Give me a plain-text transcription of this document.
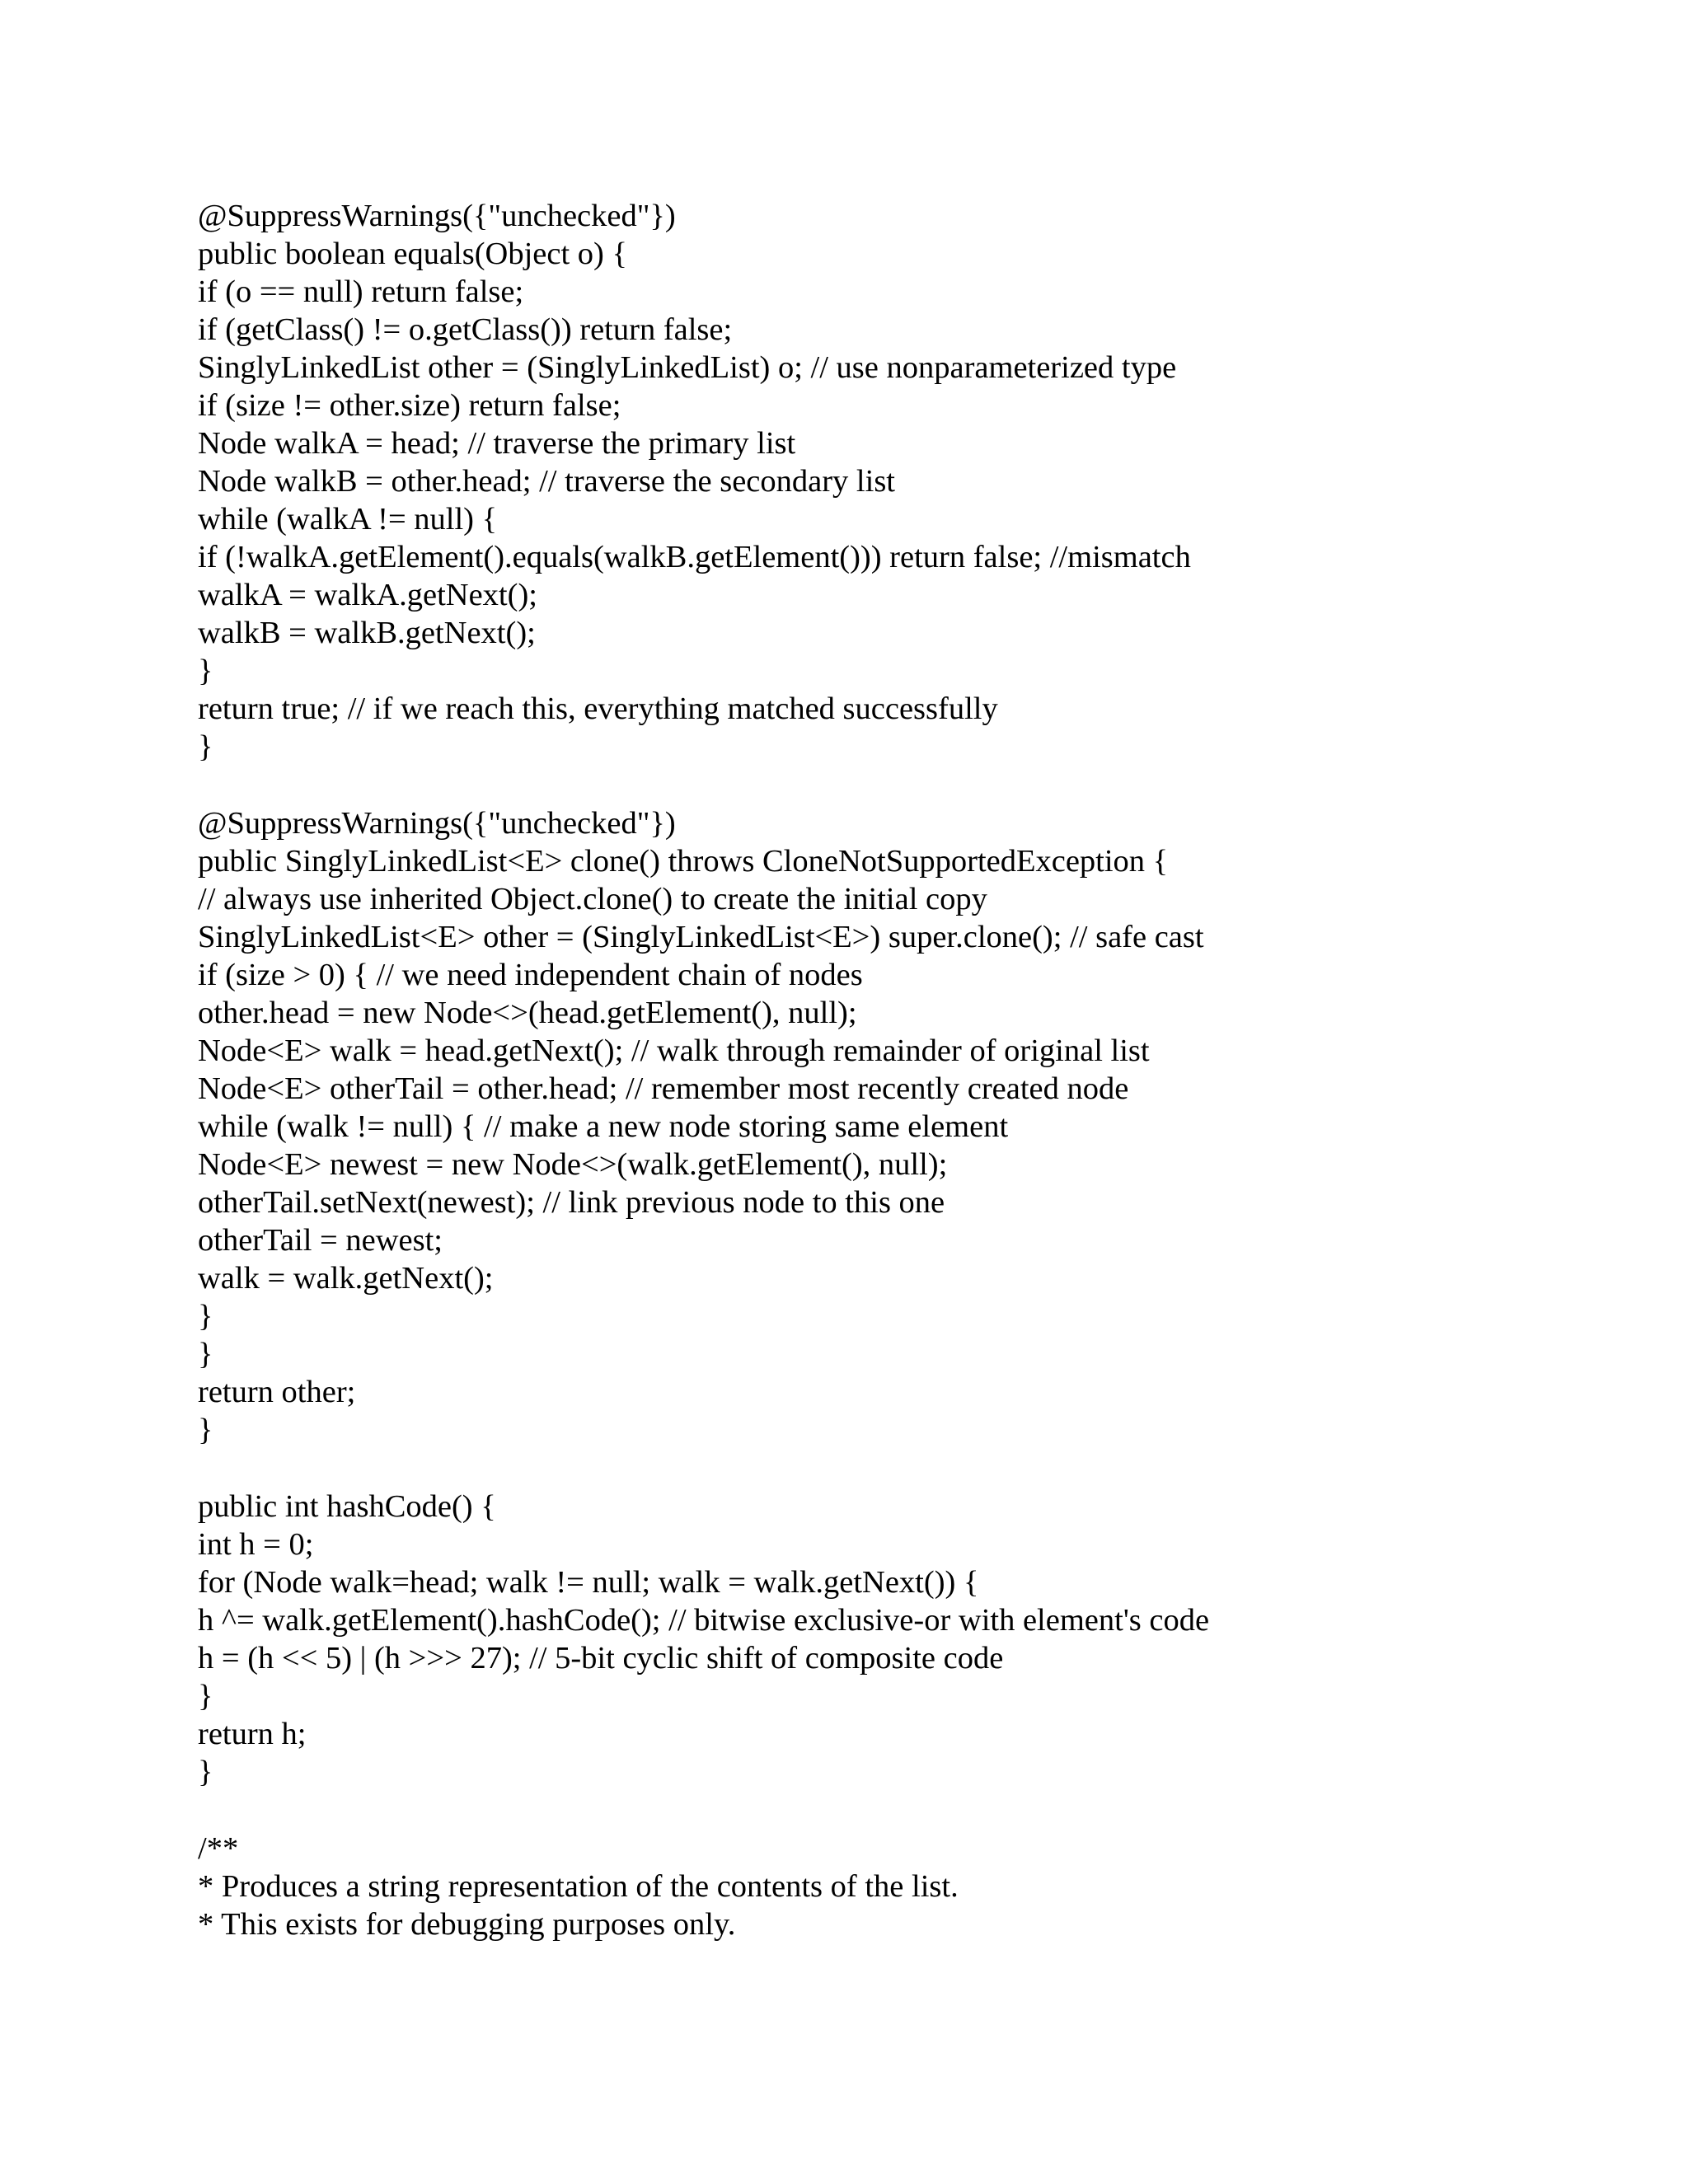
@SuppressWarnings({"unchecked"})

public boolean equals(Object o) {

if (o == null) return false;

if (getClass() != o.getClass()) return false;

SinglyLinkedList other = (SinglyLinkedList) o; // use nonparameterized type

if (size != other.size) return false;

Node walkA = head; // traverse the primary list

Node walkB = other.head; // traverse the secondary list

while (walkA != null) {

if (!walkA.getElement().equals(walkB.getElement())) return false; //mismatch

walkA = walkA.getNext();

walkB = walkB.getNext();

}

return true; // if we reach this, everything matched successfully

}

@SuppressWarnings({"unchecked"})

public SinglyLinkedList<E> clone() throws CloneNotSupportedException {

// always use inherited Object.clone() to create the initial copy

SinglyLinkedList<E> other = (SinglyLinkedList<E>) super.clone(); // safe cast

if (size > 0) { // we need independent chain of nodes

other.head = new Node<>(head.getElement(), null);

Node<E> walk = head.getNext(); // walk through remainder of original list

Node<E> otherTail = other.head; // remember most recently created node

while (walk != null) { // make a new node storing same element

Node<E> newest = new Node<>(walk.getElement(), null);

otherTail.setNext(newest); // link previous node to this one

otherTail = newest;

walk = walk.getNext();

}

}

return other;

}

public int hashCode() {

int h = 0;

for (Node walk=head; walk != null; walk = walk.getNext()) {

h ^= walk.getElement().hashCode(); // bitwise exclusive-or with element's code

h = (h << 5) | (h >>> 27); // 5-bit cyclic shift of composite code

}

return h;

}

/**

* Produces a string representation of the contents of the list.

* This exists for debugging purposes only.
